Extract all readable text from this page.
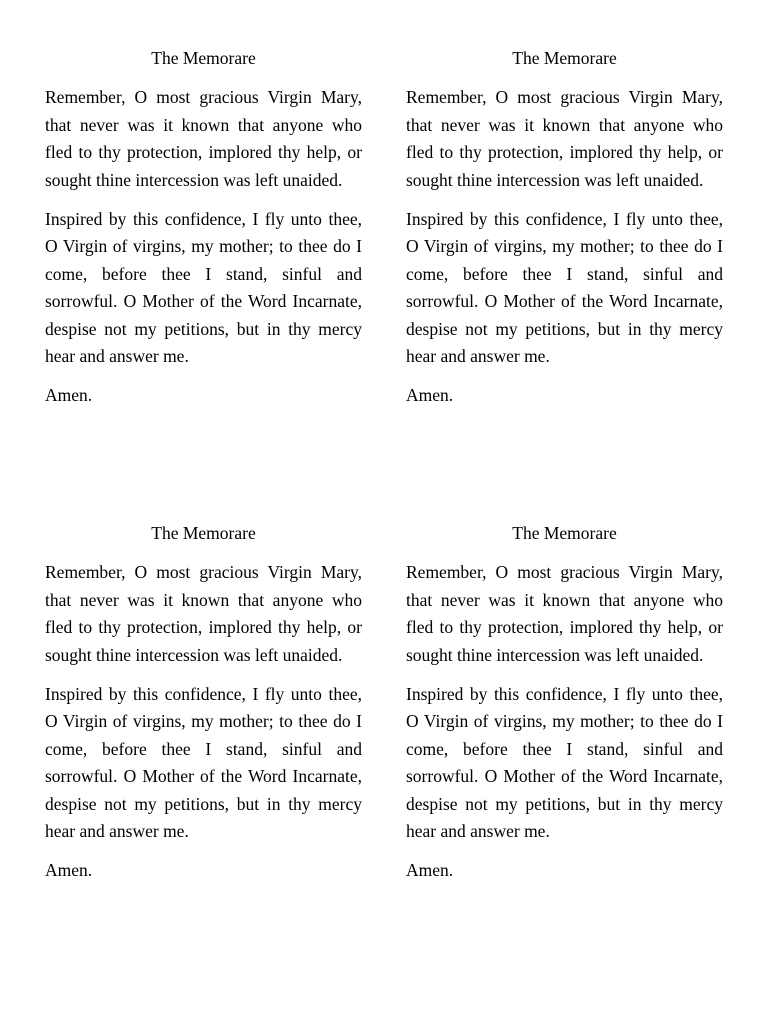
The Memorare

Remember, O most gracious Virgin Mary, that never was it known that anyone who fled to thy protection, implored thy help, or sought thine intercession was left unaided.

Inspired by this confidence, I fly unto thee, O Virgin of virgins, my mother; to thee do I come, before thee I stand, sinful and sorrowful. O Mother of the Word Incarnate, despise not my petitions, but in thy mercy hear and answer me.

Amen.

The Memorare

Remember, O most gracious Virgin Mary, that never was it known that anyone who fled to thy protection, implored thy help, or sought thine intercession was left unaided.

Inspired by this confidence, I fly unto thee, O Virgin of virgins, my mother; to thee do I come, before thee I stand, sinful and sorrowful. O Mother of the Word Incarnate, despise not my petitions, but in thy mercy hear and answer me.

Amen.

The Memorare

Remember, O most gracious Virgin Mary, that never was it known that anyone who fled to thy protection, implored thy help, or sought thine intercession was left unaided.

Inspired by this confidence, I fly unto thee, O Virgin of virgins, my mother; to thee do I come, before thee I stand, sinful and sorrowful. O Mother of the Word Incarnate, despise not my petitions, but in thy mercy hear and answer me.

Amen.

The Memorare

Remember, O most gracious Virgin Mary, that never was it known that anyone who fled to thy protection, implored thy help, or sought thine intercession was left unaided.

Inspired by this confidence, I fly unto thee, O Virgin of virgins, my mother; to thee do I come, before thee I stand, sinful and sorrowful. O Mother of the Word Incarnate, despise not my petitions, but in thy mercy hear and answer me.

Amen.
